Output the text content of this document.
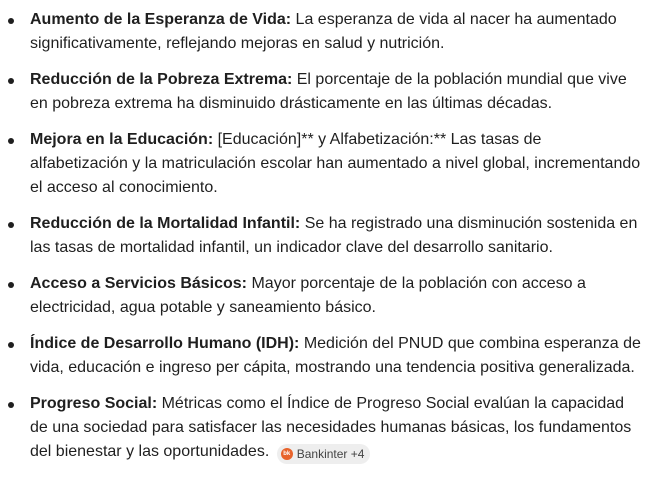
Aumento de la Esperanza de Vida: La esperanza de vida al nacer ha aumentado significativamente, reflejando mejoras en salud y nutrición.
Reducción de la Pobreza Extrema: El porcentaje de la población mundial que vive en pobreza extrema ha disminuido drásticamente en las últimas décadas.
Mejora en la Educación: [Educación]** y Alfabetización:** Las tasas de alfabetización y la matriculación escolar han aumentado a nivel global, incrementando el acceso al conocimiento.
Reducción de la Mortalidad Infantil: Se ha registrado una disminución sostenida en las tasas de mortalidad infantil, un indicador clave del desarrollo sanitario.
Acceso a Servicios Básicos: Mayor porcentaje de la población con acceso a electricidad, agua potable y saneamiento básico.
Índice de Desarrollo Humano (IDH): Medición del PNUD que combina esperanza de vida, educación e ingreso per cápita, mostrando una tendencia positiva generalizada.
Progreso Social: Métricas como el Índice de Progreso Social evalúan la capacidad de una sociedad para satisfacer las necesidades humanas básicas, los fundamentos del bienestar y las oportunidades.	bk Bankinter +4
